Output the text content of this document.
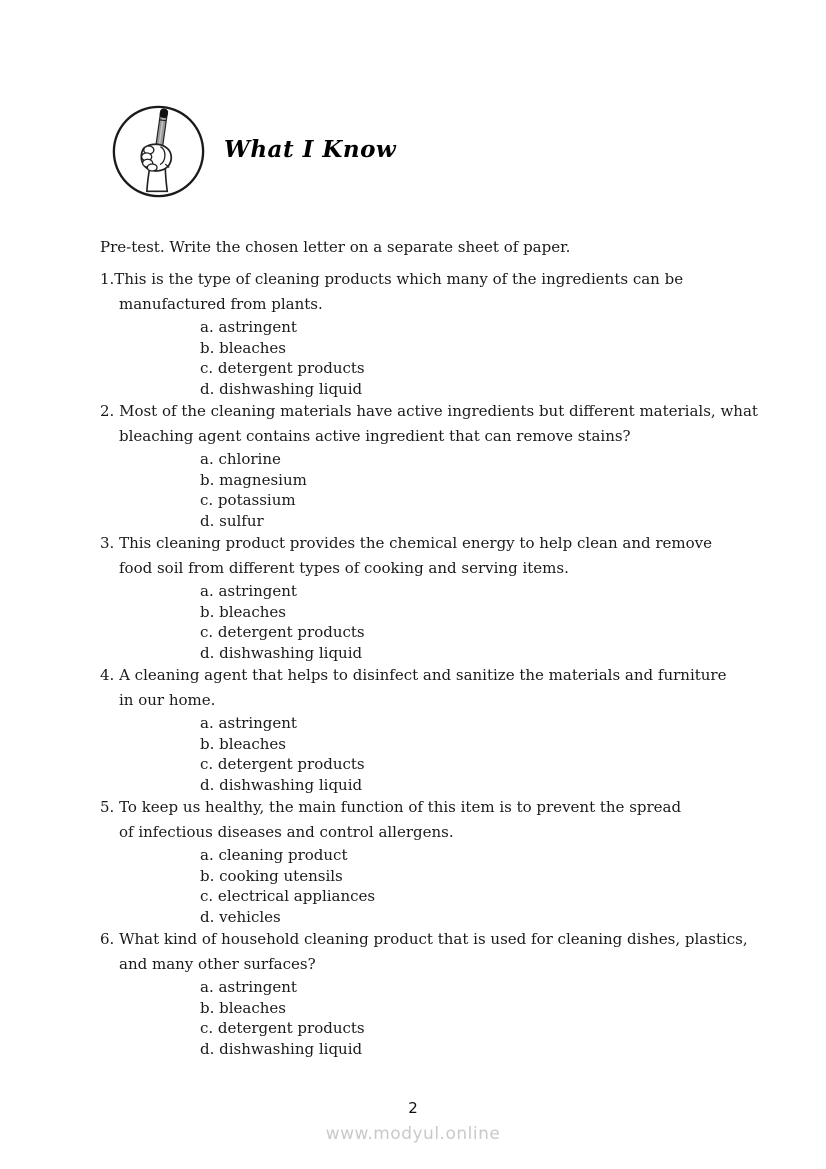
What I Know
Pre-test. Write the chosen letter on a separate sheet of paper.
1.This is the type of cleaning products which many of the ingredients can be
manufactured from plants.
a. astringent
b. bleaches
c. detergent products
d. dishwashing liquid
2. Most of the cleaning materials have active ingredients but different materials, what
bleaching agent contains active ingredient that can remove stains?
a. chlorine
b. magnesium
c. potassium
d. sulfur
3. This cleaning product provides the chemical energy to help clean and remove
food soil from different types of cooking and serving items.
a. astringent
b. bleaches
c. detergent products
d. dishwashing liquid
4. A cleaning agent that helps to disinfect and sanitize the materials and furniture
in our home.
a. astringent
b. bleaches
c. detergent products
d. dishwashing liquid
5. To keep us healthy, the main function of this item is to prevent the spread
of infectious diseases and control allergens.
a. cleaning product
b. cooking utensils
c. electrical appliances
d. vehicles
6. What kind of household cleaning product that is used for cleaning dishes, plastics,
and many other surfaces?
a. astringent
b. bleaches
c. detergent products
d. dishwashing liquid
2
www.modyul.online
